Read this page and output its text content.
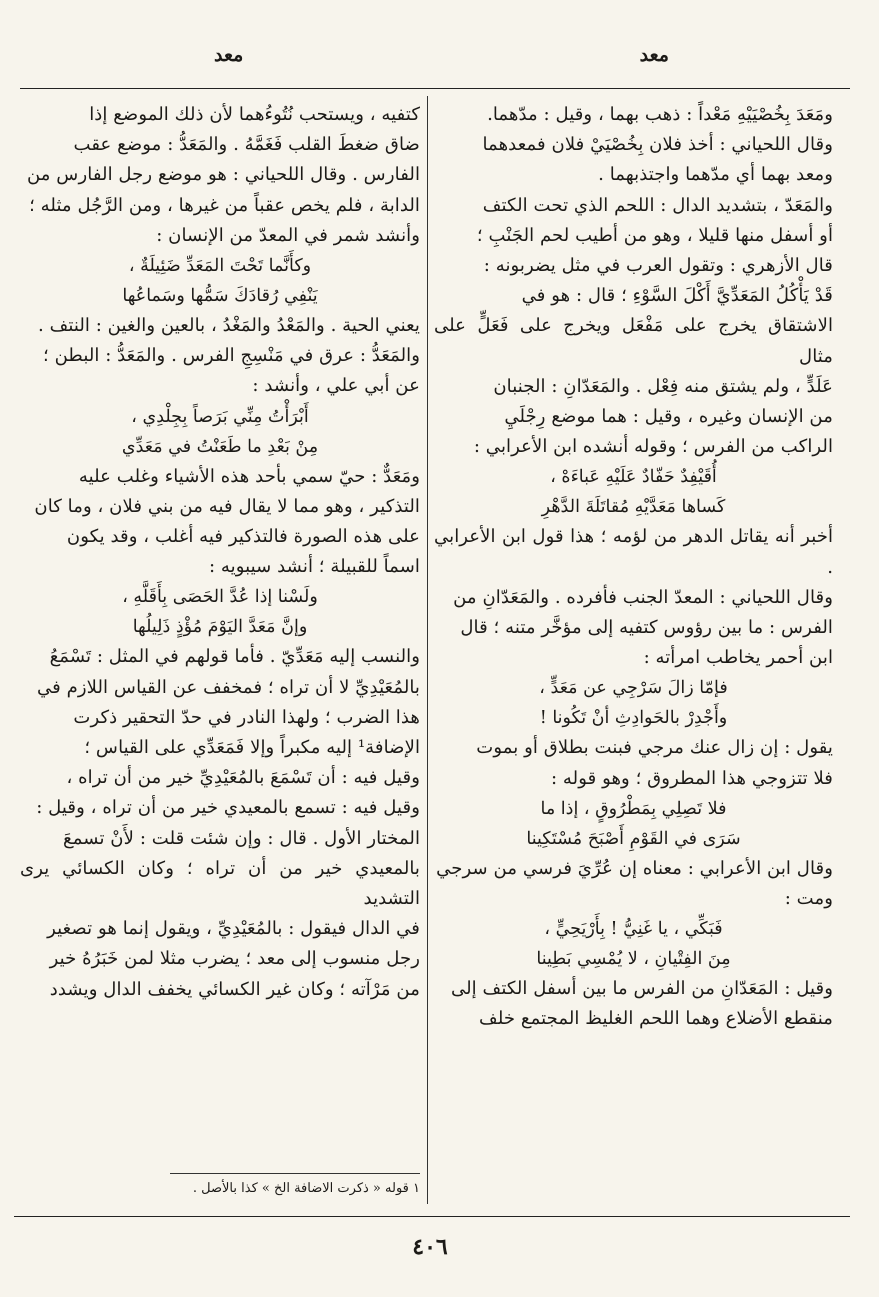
معد
معد

ومَعَدَ بِخُصْيَيْهِ مَعْداً : ذهب بهما ، وقيل : مدّهما.

وقال اللحياني : أخذ فلان بِخُصْيَيْ فلان فمعدهما

ومعد بهما أي مدّهما واجتذبهما .

والمَعَدّ ، بتشديد الدال : اللحم الذي تحت الكتف

أو أسفل منها قليلا ، وهو من أطيب لحم الجَنْبِ ؛

قال الأزهري : وتقول العرب في مثل يضربونه :

قَدْ يَأْكُلُ المَعَدِّيَّ أَكْلَ السَّوْءِ ؛ قال : هو في

الاشتقاق يخرج على مَفْعَل ويخرج على فَعَلٍّ على مثال

عَلَدٍّ ، ولم يشتق منه فِعْل . والمَعَدّانِ : الجنبان

من الإنسان وغيره ، وقيل : هما موضع رِجْلَيِ

الراكب من الفرس ؛ وقوله أنشده ابن الأعرابي :

أُقَيْفِدٌ حَفّادٌ عَلَيْهِ عَباءَهْ ،

كَساها مَعَدَّيْهِ مُقاتَلَةَ الدَّهْرِ

أخبر أنه يقاتل الدهر من لؤمه ؛ هذا قول ابن الأعرابي .

وقال اللحياني : المعدّ الجنب فأفرده . والمَعَدّانِ من

الفرس : ما بين رؤوس كتفيه إلى مؤخَّر متنه ؛ قال

ابن أحمر يخاطب امرأته :

فإمّا زالَ سَرْجِي عن مَعَدٍّ ،

وأَجْدِرْ بالحَوادِثِ أنْ تَكُونا !

يقول : إن زال عنك مرجي فبنت بطلاق أو بموت

فلا تتزوجي هذا المطروق ؛ وهو قوله :

فلا تَصِلِي بِمَطْرُوقٍ ، إذا ما

سَرَى في القَوْمِ أَصْبَحَ مُسْتَكِينا

وقال ابن الأعرابي : معناه إن عُرِّيَ فرسي من سرجي

ومت :

فَبَكِّي ، يا غَنِيُّ ! بِأَرْيَحِيٍّ ،

مِنَ الفِتْيانِ ، لا يُمْسِي بَطِينا

وقيل : المَعَدّانِ من الفرس ما بين أسفل الكتف إلى

منقطع الأضلاع وهما اللحم الغليظ المجتمع خلف

كتفيه ، ويستحب نُتُوءُهما لأن ذلك الموضع إذا

ضاق ضغطَ القلب فَغَمَّهُ . والمَعَدُّ : موضع عقب

الفارس . وقال اللحياني : هو موضع رجل الفارس من

الدابة ، فلم يخص عقباً من غيرها ، ومن الرَّجُل مثله ؛

وأنشد شمر في المعدّ من الإنسان :

وكأَنَّما تَحْتَ المَعَدِّ ضَئِيلَةٌ ،

يَنْفِي رُقادَكَ سَمُّها وسَماعُها

يعني الحية . والمَعْدُ والمَغْدُ ، بالعين والغين : النتف .

والمَعَدُّ : عرق في مَنْسِجِ الفرس . والمَعَدُّ : البطن ؛

عن أبي علي ، وأنشد :

أَبْرَأْتُ مِنِّي بَرَصاً بِجِلْدِي ،

مِنْ بَعْدِ ما طَعَنْتُ في مَعَدِّي

ومَعَدٌّ : حيّ سمي بأحد هذه الأشياء وغلب عليه

التذكير ، وهو مما لا يقال فيه من بني فلان ، وما كان

على هذه الصورة فالتذكير فيه أغلب ، وقد يكون

اسماً للقبيلة ؛ أنشد سيبويه :

ولَسْنا إذا عُدَّ الحَصَى بِأَقَلَّهِ ،

وإنَّ مَعَدَّ اليَوْمَ مُؤْذٍ ذَلِيلُها

والنسب إليه مَعَدِّيّ . فأما قولهم في المثل : تَسْمَعُ

بالمُعَيْدِيِّ لا أن تراه ؛ فمخفف عن القياس اللازم في

هذا الضرب ؛ ولهذا النادر في حدّ التحقير ذكرت

الإضافة¹ إليه مكبراً وإلا فَمَعَدِّي على القياس ؛

وقيل فيه : أن تَسْمَعَ بالمُعَيْدِيِّ خير من أن تراه ،

وقيل فيه : تسمع بالمعيدي خير من أن تراه ، وقيل :

المختار الأول . قال : وإن شئت قلت : لأَنْ تسمعَ

بالمعيدي خير من أن تراه ؛ وكان الكسائي يرى التشديد

في الدال فيقول : بالمُعَيْدِيِّ ، ويقول إنما هو تصغير

رجل منسوب إلى معد ؛ يضرب مثلا لمن خَبَرُهُ خير

من مَرْآته ؛ وكان غير الكسائي يخفف الدال ويشدد

١ قوله « ذكرت الاضافة الخ » كذا بالأصل .
٤٠٦
